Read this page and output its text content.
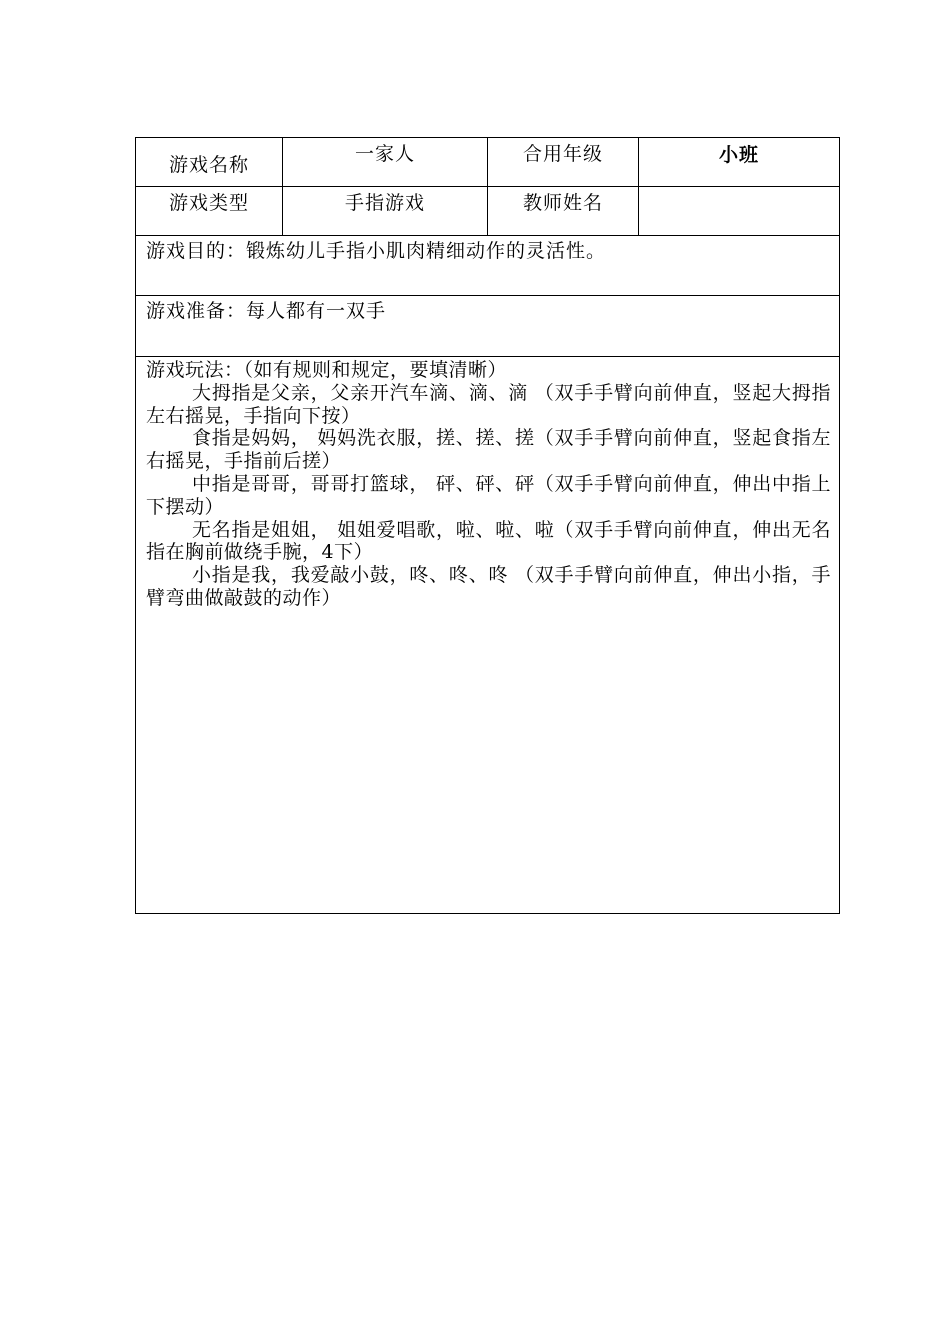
游戏名称	一家人	合用年级	小班
游戏类型	手指游戏	教师姓名
游戏目的：锻炼幼儿手指小肌肉精细动作的灵活性。
游戏准备：每人都有一双手

游戏玩法：（如有规则和规定，要填清晰）

大拇指是父亲，父亲开汽车滴、滴、滴 （双手手臂向前伸直，竖起大拇指左右摇晃，手指向下按）

食指是妈妈， 妈妈洗衣服，搓、搓、搓（双手手臂向前伸直，竖起食指左右摇晃，手指前后搓）

中指是哥哥，哥哥打篮球， 砰、砰、砰（双手手臂向前伸直，伸出中指上下摆动）

无名指是姐姐， 姐姐爱唱歌，啦、啦、啦（双手手臂向前伸直，伸出无名指在胸前做绕手腕，4下）

小指是我，我爱敲小鼓，咚、咚、咚 （双手手臂向前伸直，伸出小指，手臂弯曲做敲鼓的动作）
